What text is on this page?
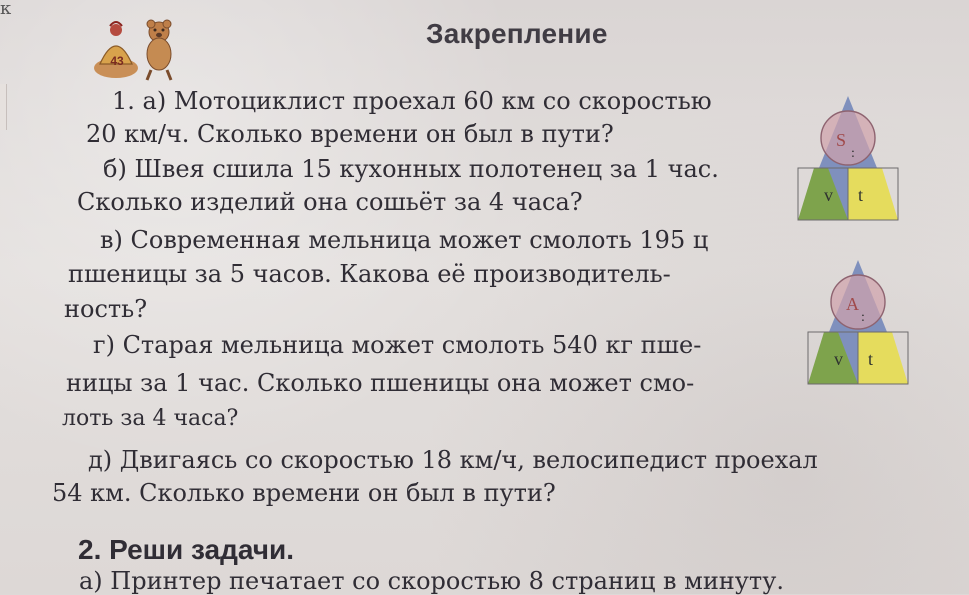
к
43
Закрепление

1. а) Мотоциклист проехал 60 км со скоростью

20 км/ч. Сколько времени он был в пути?

б) Швея сшила 15 кухонных полотенец за 1 час.

Сколько изделий она сошьёт за 4 часа?

в) Современная мельница может смолоть 195 ц

пшеницы за 5 часов. Какова её производитель-

ность?

г) Старая мельница может смолоть 540 кг пше-

ницы за 1 час. Сколько пшеницы она может смо-

лоть за 4 часа?

д) Двигаясь со скоростью 18 км/ч, велосипедист проехал

54 км. Сколько времени он был в пути?

2. Реши задачи.

а) Принтер печатает со скоростью 8 страниц в минуту.

S
:
v t
A
:
v t
